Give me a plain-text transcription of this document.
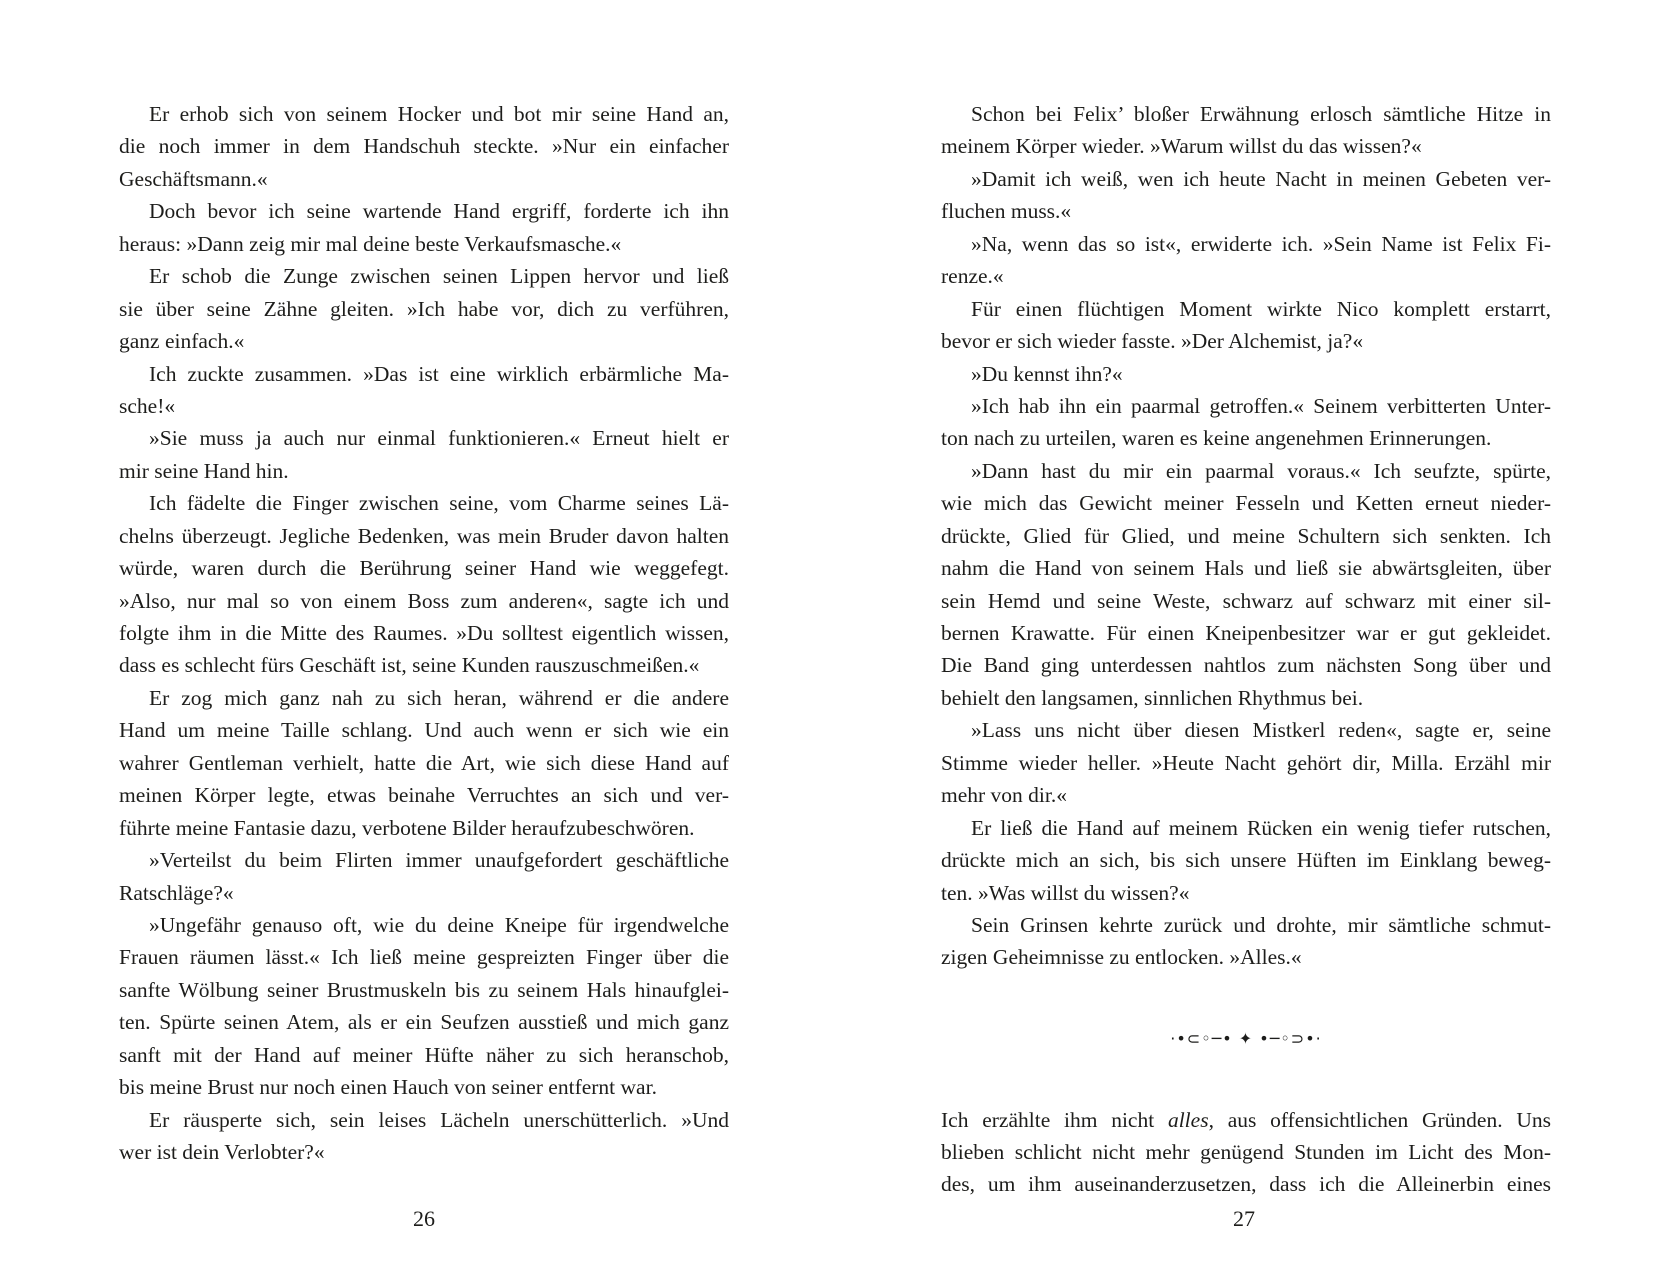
Er erhob sich von seinem Hocker und bot mir seine Hand an,
die noch immer in dem Handschuh steckte. »Nur ein einfacher
Geschäftsmann.«
Doch bevor ich seine wartende Hand ergriff, forderte ich ihn
heraus: »Dann zeig mir mal deine beste Verkaufsmasche.«
Er schob die Zunge zwischen seinen Lippen hervor und ließ
sie über seine Zähne gleiten. »Ich habe vor, dich zu verführen,
ganz einfach.«
Ich zuckte zusammen. »Das ist eine wirklich erbärmliche Ma-
sche!«
»Sie muss ja auch nur einmal funktionieren.« Erneut hielt er
mir seine Hand hin.
Ich fädelte die Finger zwischen seine, vom Charme seines Lä-
chelns überzeugt. Jegliche Bedenken, was mein Bruder davon halten
würde, waren durch die Berührung seiner Hand wie weggefegt.
»Also, nur mal so von einem Boss zum anderen«, sagte ich und
folgte ihm in die Mitte des Raumes. »Du solltest eigentlich wissen,
dass es schlecht fürs Geschäft ist, seine Kunden rauszuschmeißen.«
Er zog mich ganz nah zu sich heran, während er die andere
Hand um meine Taille schlang. Und auch wenn er sich wie ein
wahrer Gentleman verhielt, hatte die Art, wie sich diese Hand auf
meinen Körper legte, etwas beinahe Verruchtes an sich und ver-
führte meine Fantasie dazu, verbotene Bilder heraufzubeschwören.
»Verteilst du beim Flirten immer unaufgefordert geschäftliche
Ratschläge?«
»Ungefähr genauso oft, wie du deine Kneipe für irgendwelche
Frauen räumen lässt.« Ich ließ meine gespreizten Finger über die
sanfte Wölbung seiner Brustmuskeln bis zu seinem Hals hinaufglei-
ten. Spürte seinen Atem, als er ein Seufzen ausstieß und mich ganz
sanft mit der Hand auf meiner Hüfte näher zu sich heranschob,
bis meine Brust nur noch einen Hauch von seiner entfernt war.
Er räusperte sich, sein leises Lächeln unerschütterlich. »Und
wer ist dein Verlobter?«
26
Schon bei Felix’ bloßer Erwähnung erlosch sämtliche Hitze in
meinem Körper wieder. »Warum willst du das wissen?«
»Damit ich weiß, wen ich heute Nacht in meinen Gebeten ver-
fluchen muss.«
»Na, wenn das so ist«, erwiderte ich. »Sein Name ist Felix Fi-
renze.«
Für einen flüchtigen Moment wirkte Nico komplett erstarrt,
bevor er sich wieder fasste. »Der Alchemist, ja?«
»Du kennst ihn?«
»Ich hab ihn ein paarmal getroffen.« Seinem verbitterten Unter-
ton nach zu urteilen, waren es keine angenehmen Erinnerungen.
»Dann hast du mir ein paarmal voraus.« Ich seufzte, spürte,
wie mich das Gewicht meiner Fesseln und Ketten erneut nieder-
drückte, Glied für Glied, und meine Schultern sich senkten. Ich
nahm die Hand von seinem Hals und ließ sie abwärtsgleiten, über
sein Hemd und seine Weste, schwarz auf schwarz mit einer sil-
bernen Krawatte. Für einen Kneipenbesitzer war er gut gekleidet.
Die Band ging unterdessen nahtlos zum nächsten Song über und
behielt den langsamen, sinnlichen Rhythmus bei.
»Lass uns nicht über diesen Mistkerl reden«, sagte er, seine
Stimme wieder heller. »Heute Nacht gehört dir, Milla. Erzähl mir
mehr von dir.«
Er ließ die Hand auf meinem Rücken ein wenig tiefer rutschen,
drückte mich an sich, bis sich unsere Hüften im Einklang beweg-
ten. »Was willst du wissen?«
Sein Grinsen kehrte zurück und drohte, mir sämtliche schmut-
zigen Geheimnisse zu entlocken. »Alles.«
·•⊂◦─• ✦ •─◦⊃•·
Ich erzählte ihm nicht alles, aus offensichtlichen Gründen. Uns
blieben schlicht nicht mehr genügend Stunden im Licht des Mon-
des, um ihm auseinanderzusetzen, dass ich die Alleinerbin eines
27
